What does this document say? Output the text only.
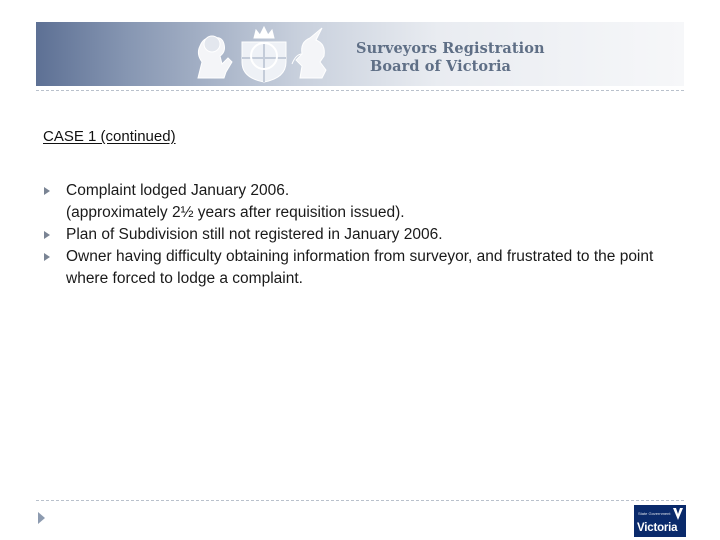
Surveyors Registration
Board of Victoria
CASE 1 (continued)
Complaint lodged January 2006.
(approximately 2½ years after requisition issued).
Plan of Subdivision still not registered in January 2006.
Owner having difficulty obtaining information from surveyor, and frustrated to the point where forced to lodge a complaint.
State Government
Victoria
